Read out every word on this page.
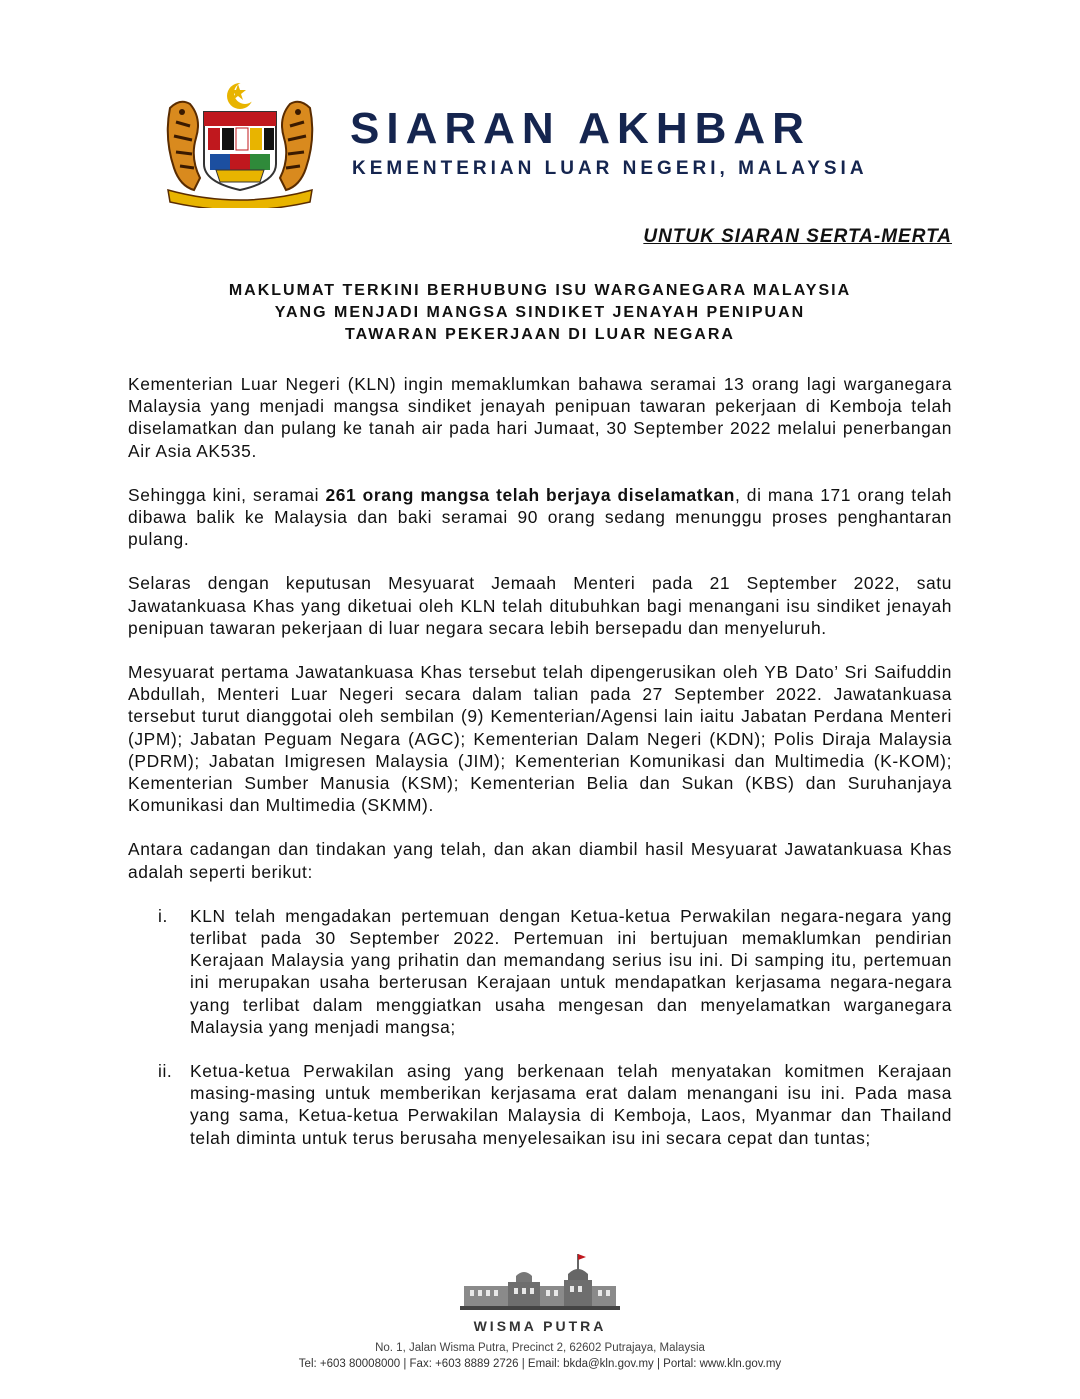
SIARAN AKHBAR
KEMENTERIAN LUAR NEGERI, MALAYSIA
UNTUK SIARAN SERTA-MERTA
MAKLUMAT TERKINI BERHUBUNG ISU WARGANEGARA MALAYSIA
YANG MENJADI MANGSA SINDIKET JENAYAH PENIPUAN
TAWARAN PEKERJAAN DI LUAR NEGARA

Kementerian Luar Negeri (KLN) ingin memaklumkan bahawa seramai 13 orang lagi warganegara Malaysia yang menjadi mangsa sindiket jenayah penipuan tawaran pekerjaan di Kemboja telah diselamatkan dan pulang ke tanah air pada hari Jumaat, 30 September 2022 melalui penerbangan Air Asia AK535.

Sehingga kini, seramai 261 orang mangsa telah berjaya diselamatkan, di mana 171 orang telah dibawa balik ke Malaysia dan baki seramai 90 orang sedang menunggu proses penghantaran pulang.

Selaras dengan keputusan Mesyuarat Jemaah Menteri pada 21 September 2022, satu Jawatankuasa Khas yang diketuai oleh KLN telah ditubuhkan bagi menangani isu sindiket jenayah penipuan tawaran pekerjaan di luar negara secara lebih bersepadu dan menyeluruh.

Mesyuarat pertama Jawatankuasa Khas tersebut telah dipengerusikan oleh YB Dato’ Sri Saifuddin Abdullah, Menteri Luar Negeri secara dalam talian pada 27 September 2022. Jawatankuasa tersebut turut dianggotai oleh sembilan (9) Kementerian/Agensi lain iaitu Jabatan Perdana Menteri (JPM); Jabatan Peguam Negara (AGC); Kementerian Dalam Negeri (KDN); Polis Diraja Malaysia (PDRM); Jabatan Imigresen Malaysia (JIM); Kementerian Komunikasi dan Multimedia (K-KOM); Kementerian Sumber Manusia (KSM); Kementerian Belia dan Sukan (KBS) dan Suruhanjaya Komunikasi dan Multimedia (SKMM).

Antara cadangan dan tindakan yang telah, dan akan diambil hasil Mesyuarat Jawatankuasa Khas adalah seperti berikut:

i. KLN telah mengadakan pertemuan dengan Ketua-ketua Perwakilan negara-negara yang terlibat pada 30 September 2022. Pertemuan ini bertujuan memaklumkan pendirian Kerajaan Malaysia yang prihatin dan memandang serius isu ini. Di samping itu, pertemuan ini merupakan usaha berterusan Kerajaan untuk mendapatkan kerjasama negara-negara yang terlibat dalam menggiatkan usaha mengesan dan menyelamatkan warganegara Malaysia yang menjadi mangsa;
ii. Ketua-ketua Perwakilan asing yang berkenaan telah menyatakan komitmen Kerajaan masing-masing untuk memberikan kerjasama erat dalam menangani isu ini. Pada masa yang sama, Ketua-ketua Perwakilan Malaysia di Kemboja, Laos, Myanmar dan Thailand telah diminta untuk terus berusaha menyelesaikan isu ini secara cepat dan tuntas;
WISMA PUTRA
No. 1, Jalan Wisma Putra, Precinct 2, 62602 Putrajaya, Malaysia
Tel: +603 80008000 | Fax: +603 8889 2726 | Email: bkda@kln.gov.my | Portal: www.kln.gov.my
